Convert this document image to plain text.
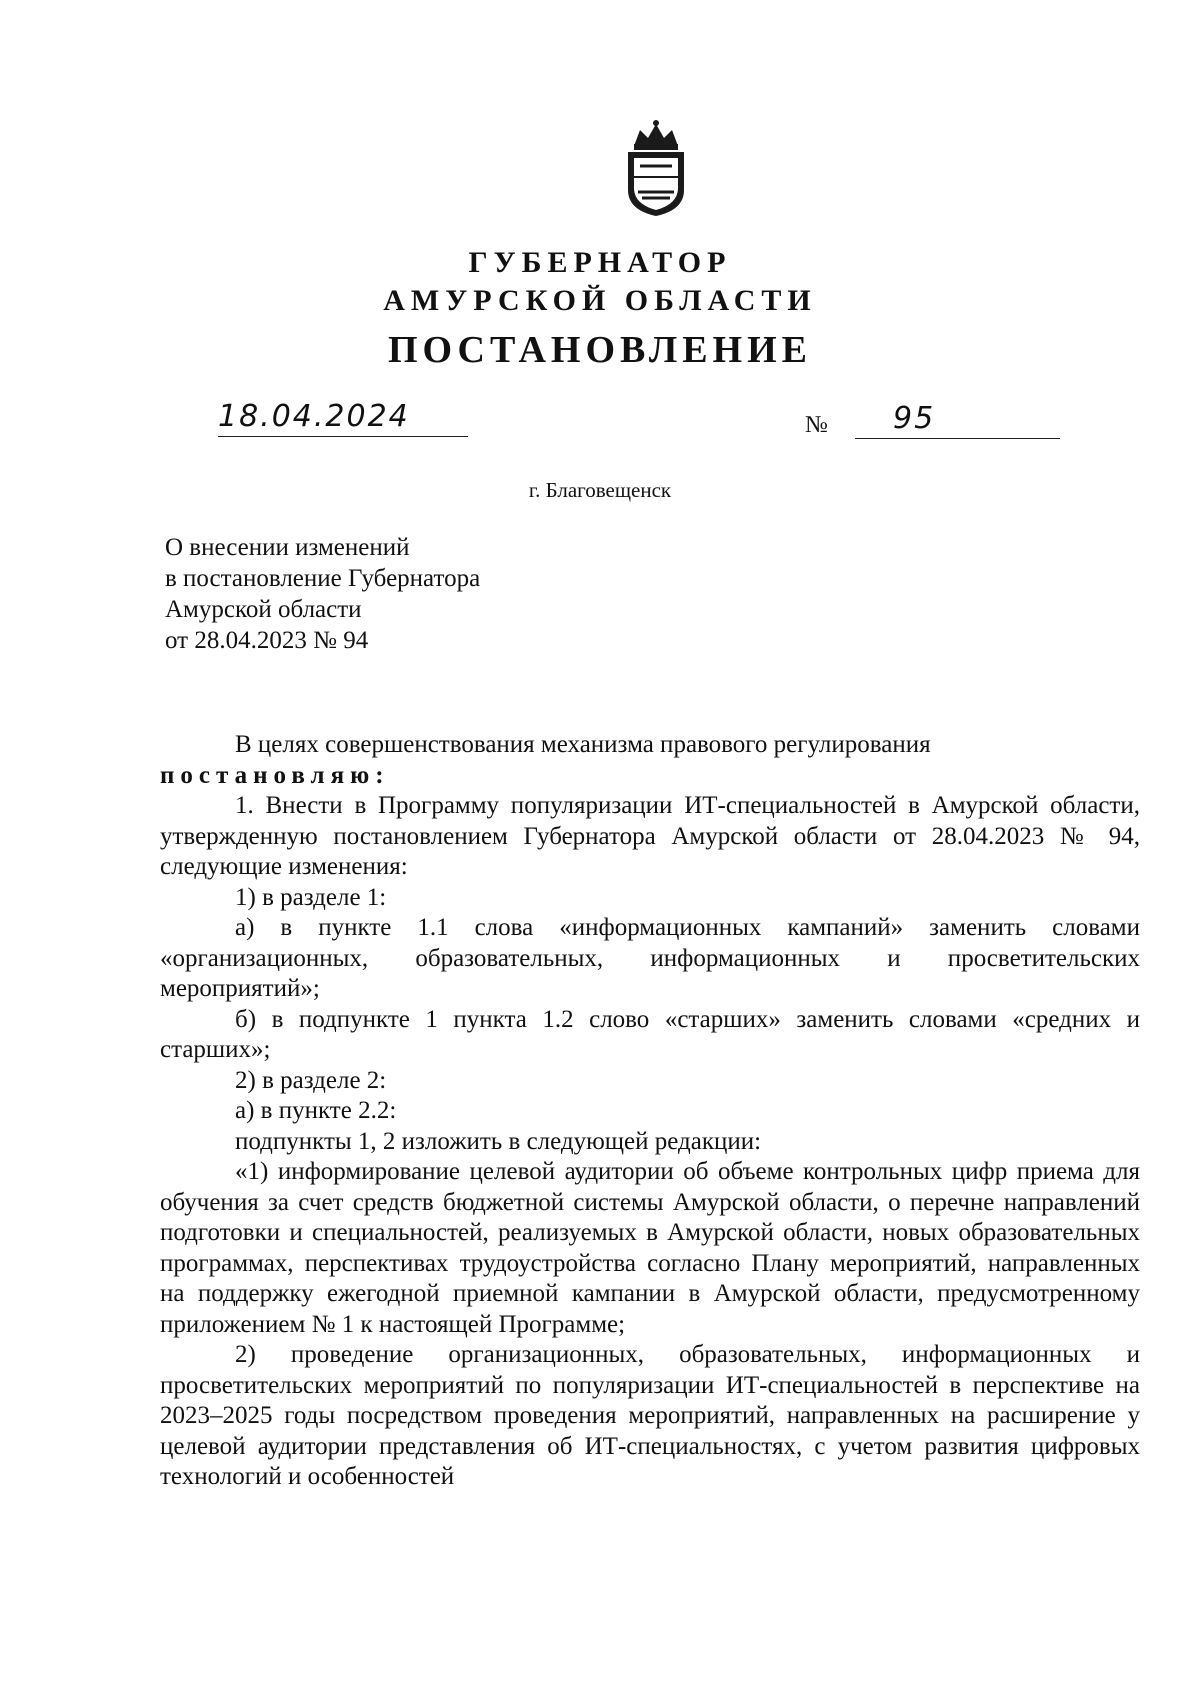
ГУБЕРНАТОР
АМУРСКОЙ ОБЛАСТИ
ПОСТАНОВЛЕНИЕ
18.04.2024	№ 95
г. Благовещенск
О внесении изменений
в постановление Губернатора
Амурской области
от 28.04.2023 № 94

В целях совершенствования механизма правового регулирования

постановляю:

1. Внести в Программу популяризации ИТ-специальностей в Амурской области, утвержденную постановлением Губернатора Амурской области от 28.04.2023 № 94, следующие изменения:

1) в разделе 1:

а) в пункте 1.1 слова «информационных кампаний» заменить словами «организационных, образовательных, информационных и просветительских мероприятий»;

б) в подпункте 1 пункта 1.2 слово «старших» заменить словами «средних и старших»;

2) в разделе 2:

а) в пункте 2.2:

подпункты 1, 2 изложить в следующей редакции:

«1) информирование целевой аудитории об объеме контрольных цифр приема для обучения за счет средств бюджетной системы Амурской области, о перечне направлений подготовки и специальностей, реализуемых в Амурской области, новых образовательных программах, перспективах трудоустройства согласно Плану мероприятий, направленных на поддержку ежегодной приемной кампании в Амурской области, предусмотренному приложением № 1 к настоящей Программе;

2) проведение организационных, образовательных, информационных и просветительских мероприятий по популяризации ИТ-специальностей в перспективе на 2023–2025 годы посредством проведения мероприятий, направленных на расширение у целевой аудитории представления об ИТ-специальностях, с учетом развития цифровых технологий и особенностей
